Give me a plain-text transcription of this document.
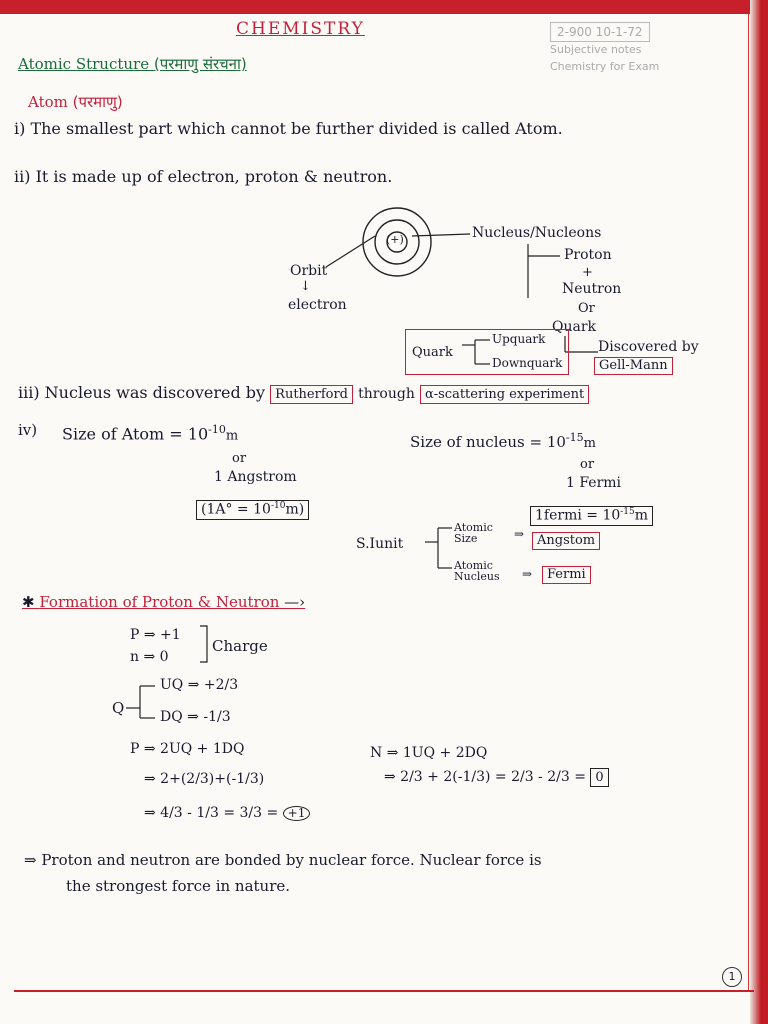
CHEMISTRY	2-900 10-1-72
Subjective notes
Chemistry for Exam
Atomic Structure (परमाणु संरचना)
Atom (परमाणु)
i) The smallest part which cannot be further divided is called Atom.
ii) It is made up of electron, proton & neutron.
(+)	Nucleus/Nucleons
Proton
+
Neutron
Or
Quark
Orbit
↓
electron
Quark
Upquark
Downquark
Discovered by
Gell-Mann
iii) Nucleus was discovered by Rutherford through α-scattering experiment
iv) Size of Atom = $10^{-10}m$
or
1 Angstrom
$(1A^\circ = 10^{-10}m)$
Size of nucleus = $10^{-15}m$
or
1 Fermi
1fermi = $10^{-15}m$
S.Iunit
Atomic Size	⇒ Angstom
Atomic Nucleus	⇒	Fermi
✱ Formation of Proton & Neutron —›
P ⇒ +1
n ⇒ 0
Charge
Q
UQ ⇒ +2/3
DQ ⇒ -1/3
P ⇒ 2UQ + 1DQ
⇒ 2+(2/3)+(-1/3)
⇒ 4/3 - 1/3 = 3/3 = +1
N ⇒ 1UQ + 2DQ
⇒ 2/3 + 2(-1/3) = 2/3 - 2/3 = 0
⇒ Proton and neutron are bonded by nuclear force. Nuclear force is
the strongest force in nature.
1
